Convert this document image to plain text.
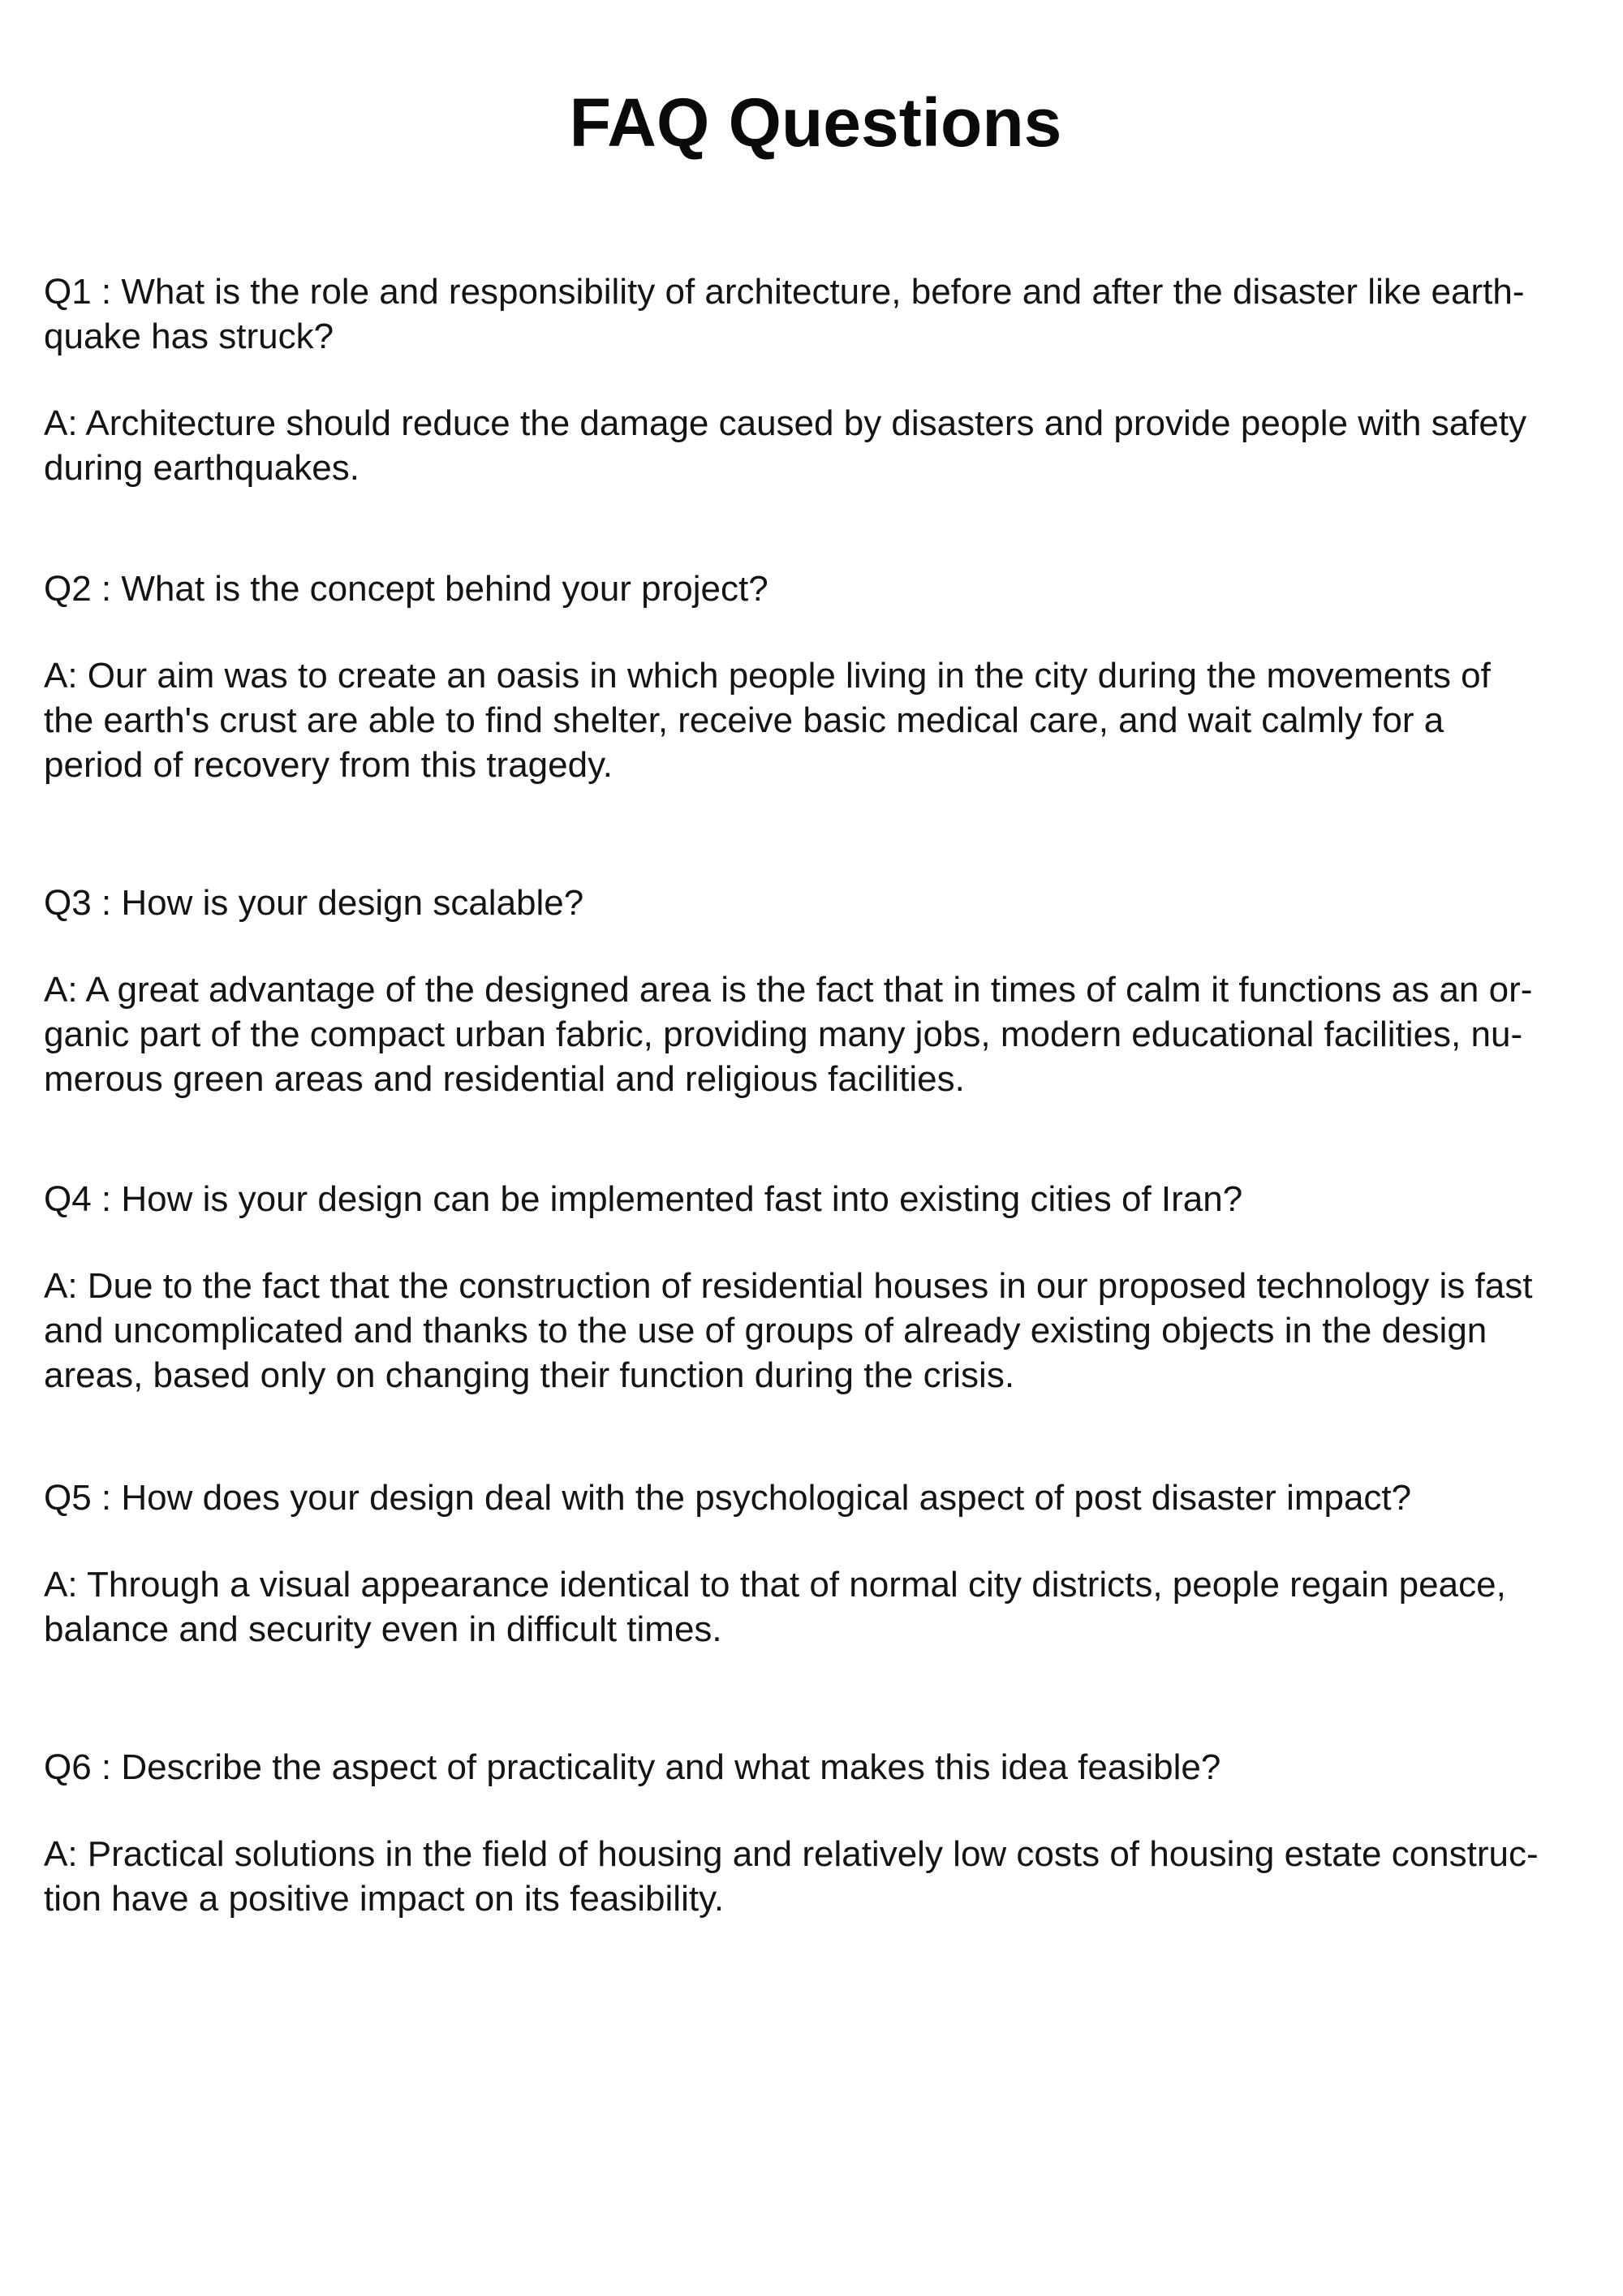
FAQ Questions

Q1 : What is the role and responsibility of architecture, before and after the disaster like earth-
quake has struck?

A: Architecture should reduce the damage caused by disasters and provide people with safety
during earthquakes.

Q2 : What is the concept behind your project?

A: Our aim was to create an oasis in which people living in the city during the movements of
the earth's crust are able to find shelter, receive basic medical care, and wait calmly for a
period of recovery from this tragedy.

Q3 : How is your design scalable?

A: A great advantage of the designed area is the fact that in times of calm it functions as an or-
ganic part of the compact urban fabric, providing many jobs, modern educational facilities, nu-
merous green areas and residential and religious facilities.

Q4 : How is your design can be implemented fast into existing cities of Iran?

A: Due to the fact that the construction of residential houses in our proposed technology is fast
and uncomplicated and thanks to the use of groups of already existing objects in the design
areas, based only on changing their function during the crisis.

Q5 : How does your design deal with the psychological aspect of post disaster impact?

A: Through a visual appearance identical to that of normal city districts, people regain peace,
balance and security even in difficult times.

Q6 : Describe the aspect of practicality and what makes this idea feasible?

A: Practical solutions in the field of housing and relatively low costs of housing estate construc-
tion have a positive impact on its feasibility.
